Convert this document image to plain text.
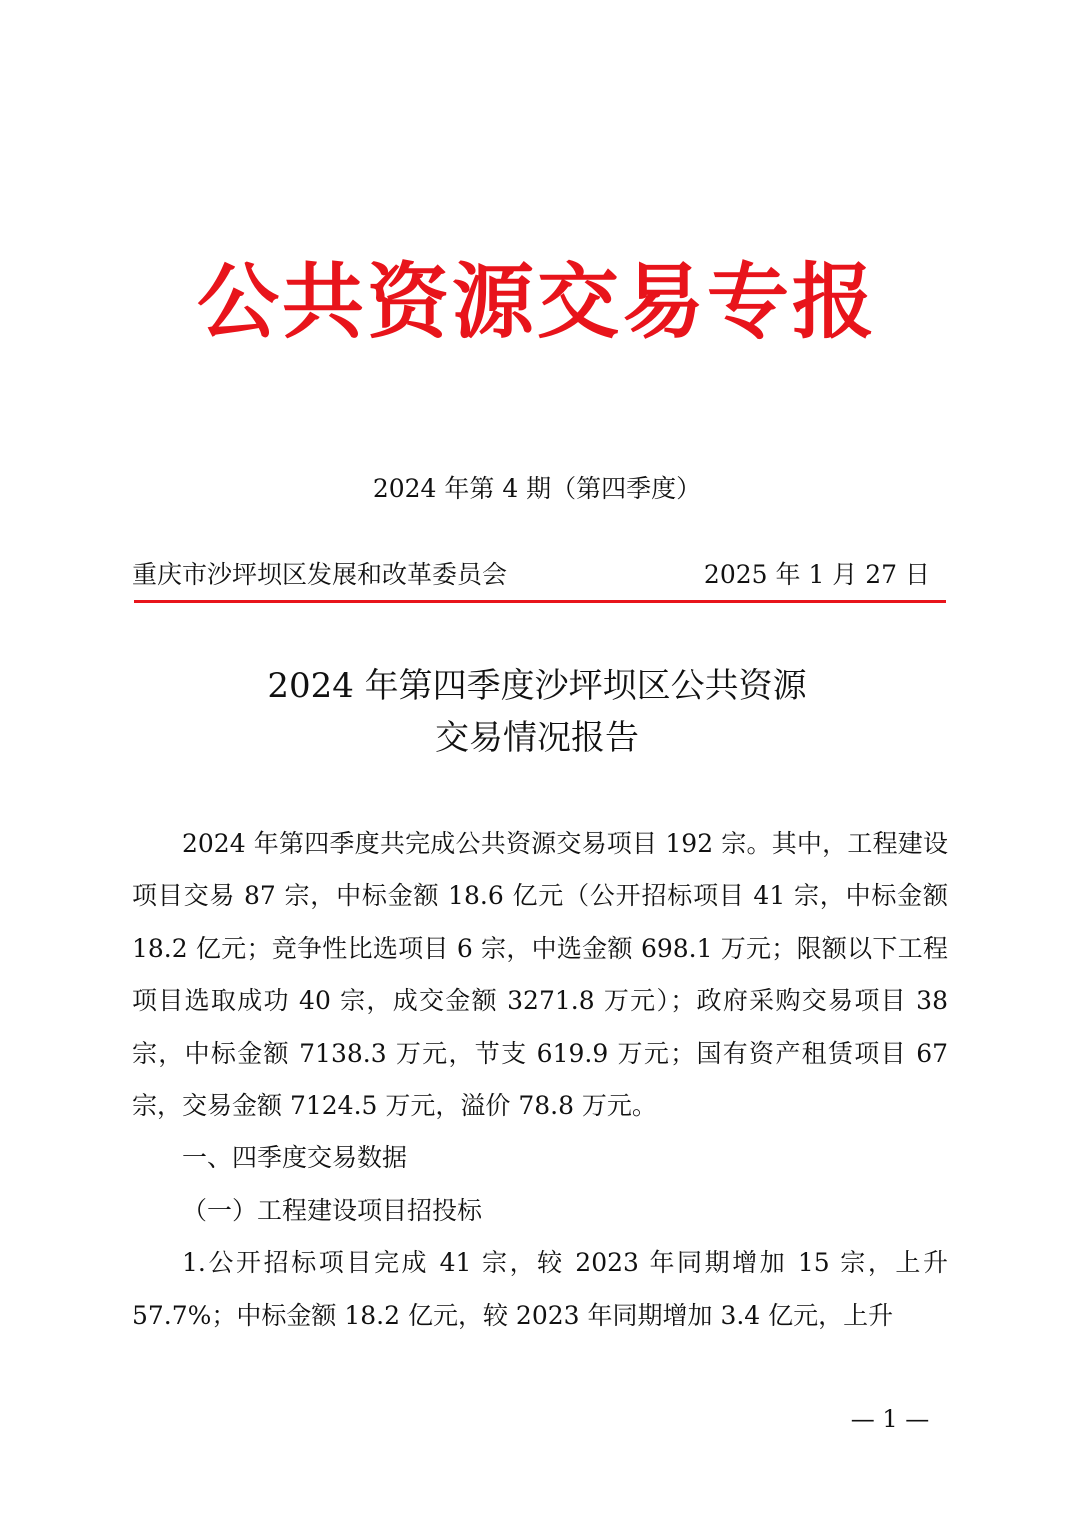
公共资源交易专报
2024 年第 4 期（第四季度）
重庆市沙坪坝区发展和改革委员会	2025 年 1 月 27 日
2024 年第四季度沙坪坝区公共资源
交易情况报告

2024 年第四季度共完成公共资源交易项目 192 宗。其中，工程建设项目交易 87 宗，中标金额 18.6 亿元（公开招标项目 41 宗，中标金额 18.2 亿元；竞争性比选项目 6 宗，中选金额 698.1 万元；限额以下工程项目选取成功 40 宗，成交金额 3271.8 万元）；政府采购交易项目 38 宗，中标金额 7138.3 万元，节支 619.9 万元；国有资产租赁项目 67 宗，交易金额 7124.5 万元，溢价 78.8 万元。

一、四季度交易数据

（一）工程建设项目招投标

1.公开招标项目完成 41 宗，较 2023 年同期增加 15 宗，上升 57.7%；中标金额 18.2 亿元，较 2023 年同期增加 3.4 亿元，上升

— 1 —
